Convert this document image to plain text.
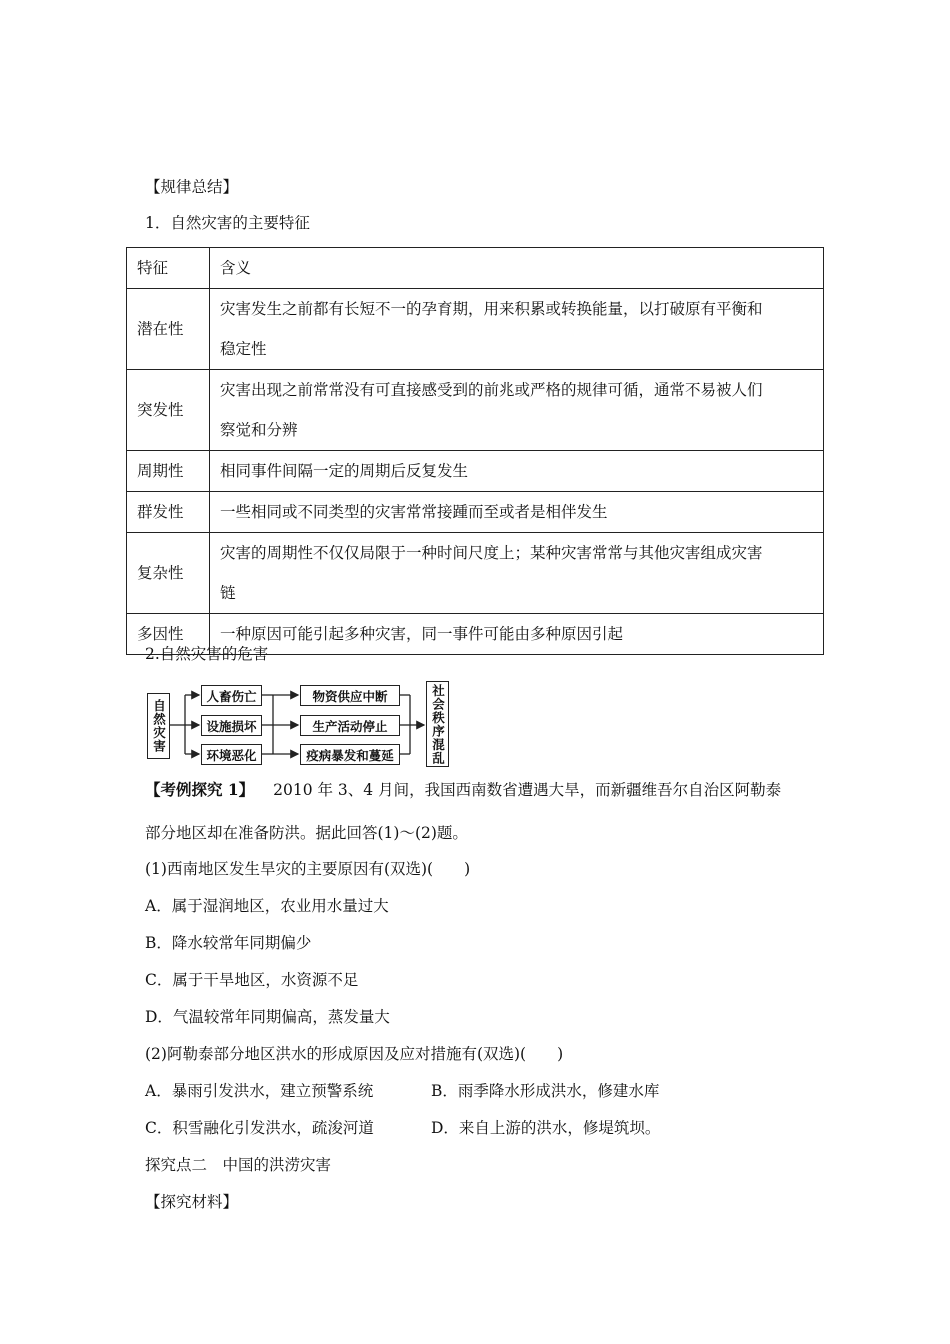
【规律总结】
1．自然灾害的主要特征
特征	含义
潜在性	灾害发生之前都有长短不一的孕育期，用来积累或转换能量，以打破原有平衡和
稳定性
突发性	灾害出现之前常常没有可直接感受到的前兆或严格的规律可循，通常不易被人们
察觉和分辨
周期性	相同事件间隔一定的周期后反复发生
群发性	一些相同或不同类型的灾害常常接踵而至或者是相伴发生
复杂性	灾害的周期性不仅仅局限于一种时间尺度上；某种灾害常常与其他灾害组成灾害
链
多因性	一种原因可能引起多种灾害，同一事件可能由多种原因引起
2.自然灾害的危害
自然灾害
人畜伤亡
设施损坏
环境恶化
物资供应中断
生产活动停止
疫病暴发和蔓延	社会秩序混乱
【考例探究 1】 2010 年 3、4 月间，我国西南数省遭遇大旱，而新疆维吾尔自治区阿勒泰
部分地区却在准备防洪。据此回答(1)～(2)题。
(1)西南地区发生旱灾的主要原因有(双选)(　　)
A．属于湿润地区，农业用水量过大
B．降水较常年同期偏少
C．属于干旱地区，水资源不足
D．气温较常年同期偏高，蒸发量大
(2)阿勒泰部分地区洪水的形成原因及应对措施有(双选)(　　)
A．暴雨引发洪水，建立预警系统	B．雨季降水形成洪水，修建水库
C．积雪融化引发洪水，疏浚河道	D．来自上游的洪水，修堤筑坝。
探究点二　中国的洪涝灾害
【探究材料】
